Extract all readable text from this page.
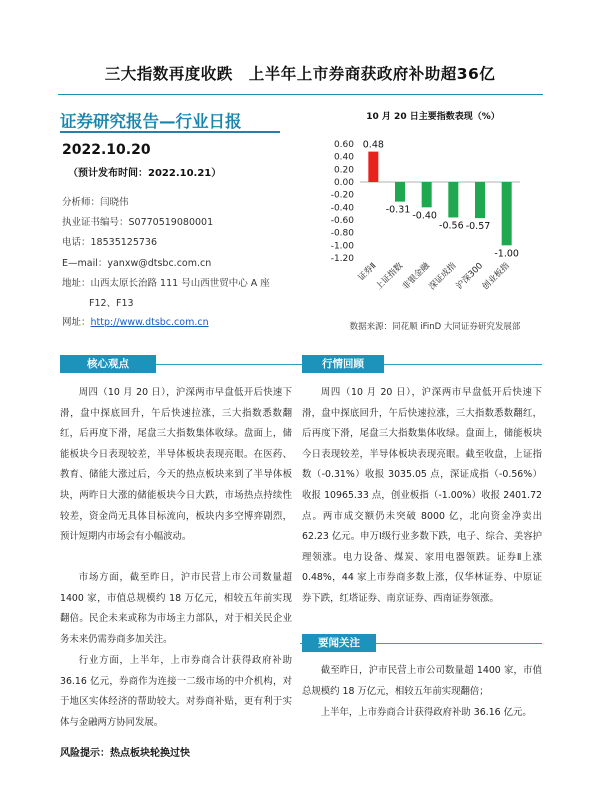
三大指数再度收跌　上半年上市券商获政府补助超36亿
证券研究报告—行业日报
2022.10.20
（预计发布时间：2022.10.21）
分析师：闫晓伟
执业证书编号：S0770519080001
电话：18535125736
E—mail：yanxw@dtsbc.com.cn
地址：山西太原长治路 111 号山西世贸中心 A 座
F12、F13
网址：http://www.dtsbc.com.cn
10 月 20 日主要指数表现（%）
0.60
0.40
0.20
0.00
-0.20
-0.40
-0.60
-0.80
-1.00
-1.20
0.48
证券Ⅱ
-0.31
上证指数
-0.40
非银金融
-0.56
深证成指
-0.57
沪深300
-1.00
创业板指
数据来源：同花顺 iFinD 大同证券研究发展部
核心观点	行情回顾
周四（10 月 20 日），沪深两市早盘低开后快速下滑，盘中探底回升，午后快速拉涨，三大指数悉数翻红，后再度下滑，尾盘三大指数集体收绿。盘面上，储能板块今日表现较差，半导体板块表现亮眼。在医药、教育、储能大涨过后，今天的热点板块来到了半导体板块，两昨日大涨的储能板块今日大跌，市场热点持续性较差，资金尚无具体目标流向，板块内多空博弈剧烈，预计短期内市场会有小幅波动。
市场方面，截至昨日，沪市民营上市公司数量超 1400 家，市值总规模约 18 万亿元，相较五年前实现翻倍。民企未来或称为市场主力部队，对于相关民企业务未来仍需券商多加关注。
行业方面，上半年，上市券商合计获得政府补助 36.16 亿元，券商作为连接一二级市场的中介机构，对于地区实体经济的帮助较大。对券商补贴，更有利于实体与金融两方协同发展。
周四（10 月 20 日），沪深两市早盘低开后快速下滑，盘中探底回升，午后快速拉涨，三大指数悉数翻红，后再度下滑，尾盘三大指数集体收绿。盘面上，储能板块今日表现较差，半导体板块表现亮眼。截至收盘，上证指数（-0.31%）收报 3035.05 点，深证成指（-0.56%）收报 10965.33 点，创业板指（-1.00%）收报 2401.72 点。两市成交额仍未突破 8000 亿，北向资金净卖出 62.23 亿元。申万Ⅰ级行业多数下跌，电子、综合、美容护理领涨。电力设备、煤炭、家用电器领跌。证券Ⅱ上涨 0.48%，44 家上市券商多数上涨，仅华林证券、中原证券下跌，红塔证券、南京证券、西南证券领涨。
要闻关注
截至昨日，沪市民营上市公司数量超 1400 家，市值总规模约 18 万亿元，相较五年前实现翻倍；
上半年，上市券商合计获得政府补助 36.16 亿元。
风险提示：热点板块轮换过快
